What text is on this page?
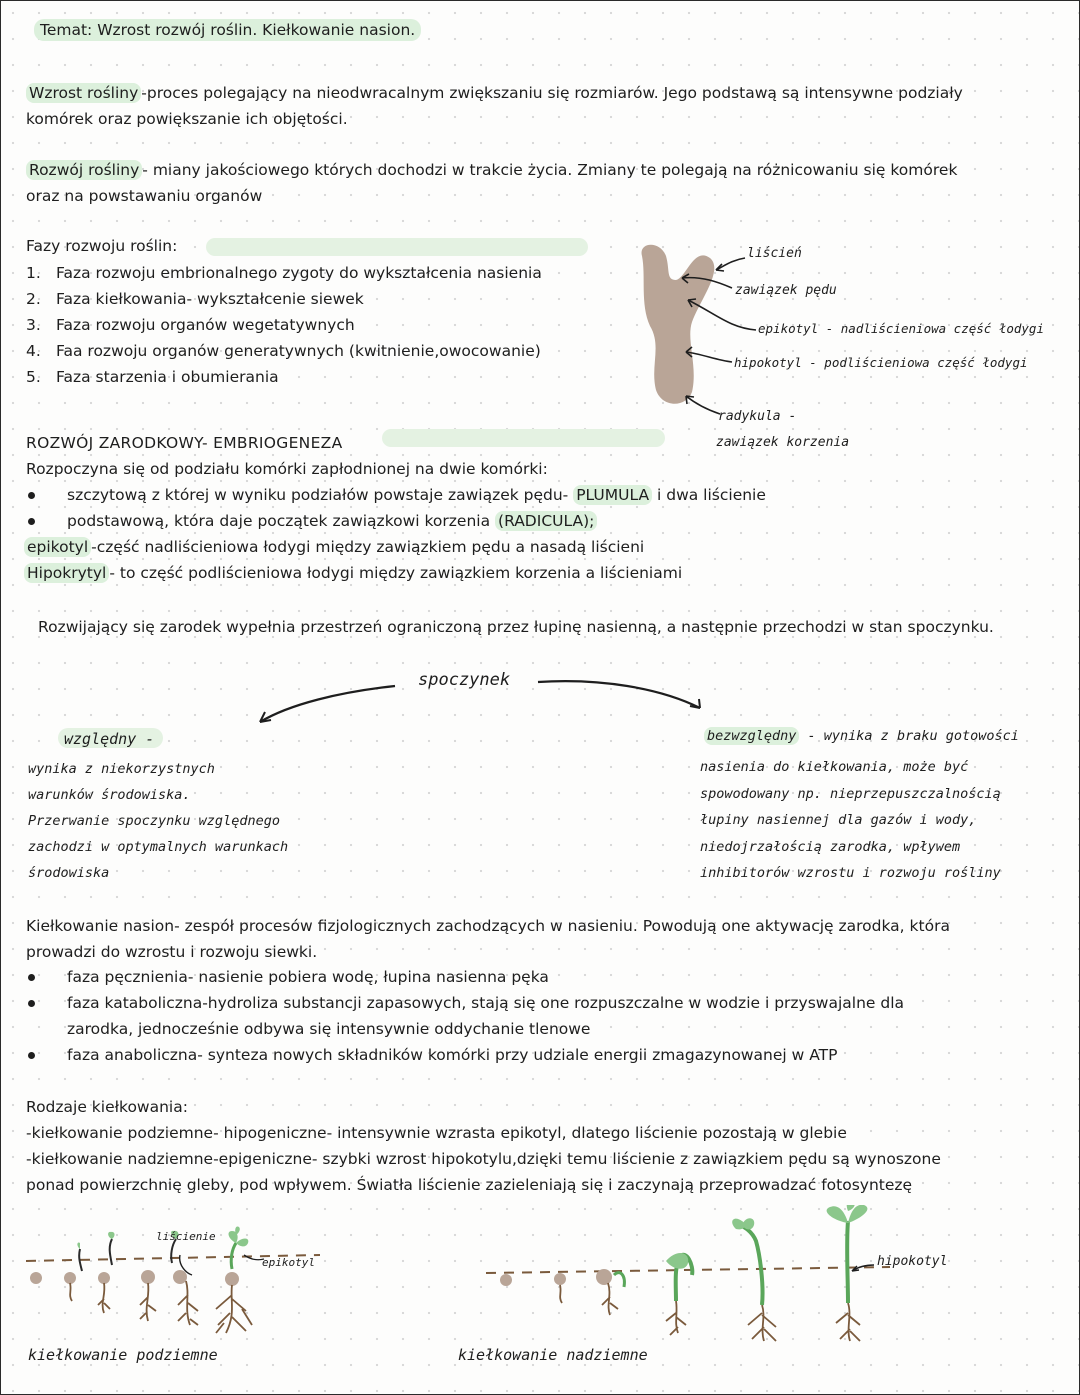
Temat: Wzrost rozwój roślin. Kiełkowanie nasion.
Wzrost rośliny -proces polegający na nieodwracalnym zwiększaniu się rozmiarów. Jego podstawą są intensywne podziały
komórek oraz powiększanie ich objętości.
Rozwój rośliny - miany jakościowego których dochodzi w trakcie życia. Zmiany te polegają na różnicowaniu się komórek
oraz na powstawaniu organów
Fazy rozwoju roślin:
1. Faza rozwoju embrionalnego zygoty do wykształcenia nasienia
2. Faza kiełkowania- wykształcenie siewek
3. Faza rozwoju organów wegetatywnych
4. Faa rozwoju organów generatywnych (kwitnienie,owocowanie)
5. Faza starzenia i obumierania
liścień
zawiązek pędu
epikotyl - nadliścieniowa część łodygi
hipokotyl - podliścieniowa część łodygi
radykula -
zawiązek korzenia
ROZWÓJ ZARODKOWY- EMBRIOGENEZA
Rozpoczyna się od podziału komórki zapłodnionej na dwie komórki:
szczytową z której w wyniku podziałów powstaje zawiązek pędu- PLUMULA i dwa liścienie
podstawową, która daje początek zawiązkowi korzenia (RADICULA);
epikotyl -część nadliścieniowa łodygi między zawiązkiem pędu a nasadą liścieni
Hipokrytyl - to część podliścieniowa łodygi między zawiązkiem korzenia a liścieniami
Rozwijający się zarodek wypełnia przestrzeń ograniczoną przez łupinę nasienną, a następnie przechodzi w stan spoczynku.
spoczynek
względny -
wynika z niekorzystnych
warunków środowiska.
Przerwanie spoczynku względnego
zachodzi w optymalnych warunkach
środowiska
bezwzględny - wynika z braku gotowości
nasienia do kiełkowania, może być
spowodowany np. nieprzepuszczalnością
łupiny nasiennej dla gazów i wody,
niedojrzałością zarodka, wpływem
inhibitorów wzrostu i rozwoju rośliny
Kiełkowanie nasion- zespół procesów fizjologicznych zachodzących w nasieniu. Powodują one aktywację zarodka, która
prowadzi do wzrostu i rozwoju siewki.
faza pęcznienia- nasienie pobiera wodę, łupina nasienna pęka
faza kataboliczna-hydroliza substancji zapasowych, stają się one rozpuszczalne w wodzie i przyswajalne dla
zarodka, jednocześnie odbywa się intensywnie oddychanie tlenowe
faza anaboliczna- synteza nowych składników komórki przy udziale energii zmagazynowanej w ATP
Rodzaje kiełkowania:
-kiełkowanie podziemne- hipogeniczne- intensywnie wzrasta epikotyl, dlatego liścienie pozostają w glebie
-kiełkowanie nadziemne-epigeniczne- szybki wzrost hipokotylu,dzięki temu liścienie z zawiązkiem pędu są wynoszone
ponad powierzchnię gleby, pod wpływem. Światła liścienie zazieleniają się i zaczynają przeprowadzać fotosyntezę
liścienie
epikotyl
kiełkowanie podziemne
hipokotyl
kiełkowanie nadziemne
